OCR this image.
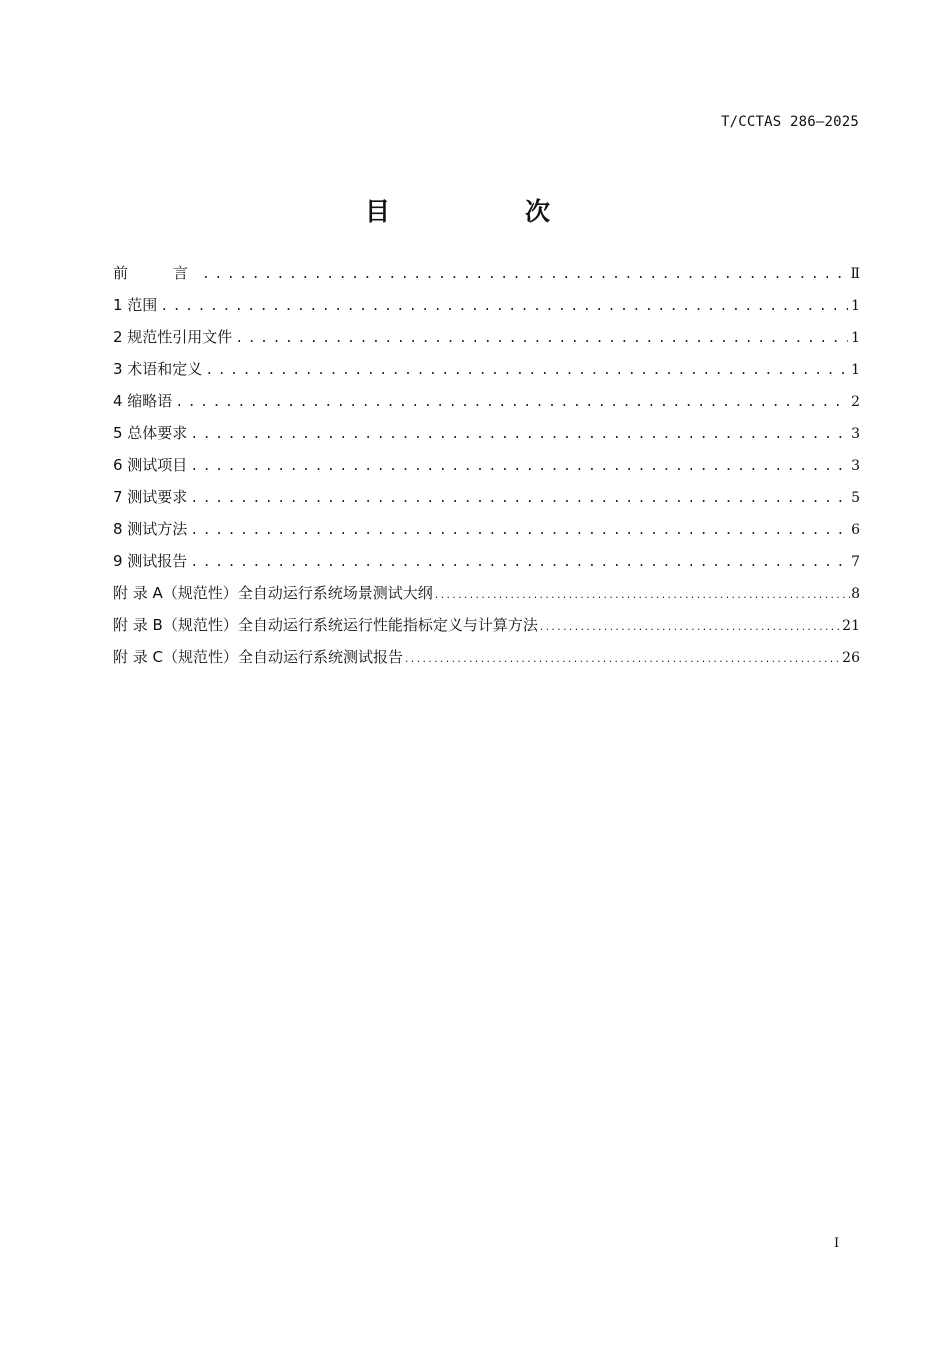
T/CCTAS 286—2025
目　次
前　　　言 .....	Ⅱ
1 范围 .....	1
2 规范性引用文件 .....	1
3 术语和定义 .....	1
4 缩略语 .....	2
5 总体要求 .....	3
6 测试项目 .....	3
7 测试要求 .....	5
8 测试方法 .....	6
9 测试报告 .....	7
附 录 A（规范性）全自动运行系统场景测试大纲 .....	8
附 录 B（规范性）全自动运行系统运行性能指标定义与计算方法 .....	21
附 录 C（规范性）全自动运行系统测试报告 .....	26
I
